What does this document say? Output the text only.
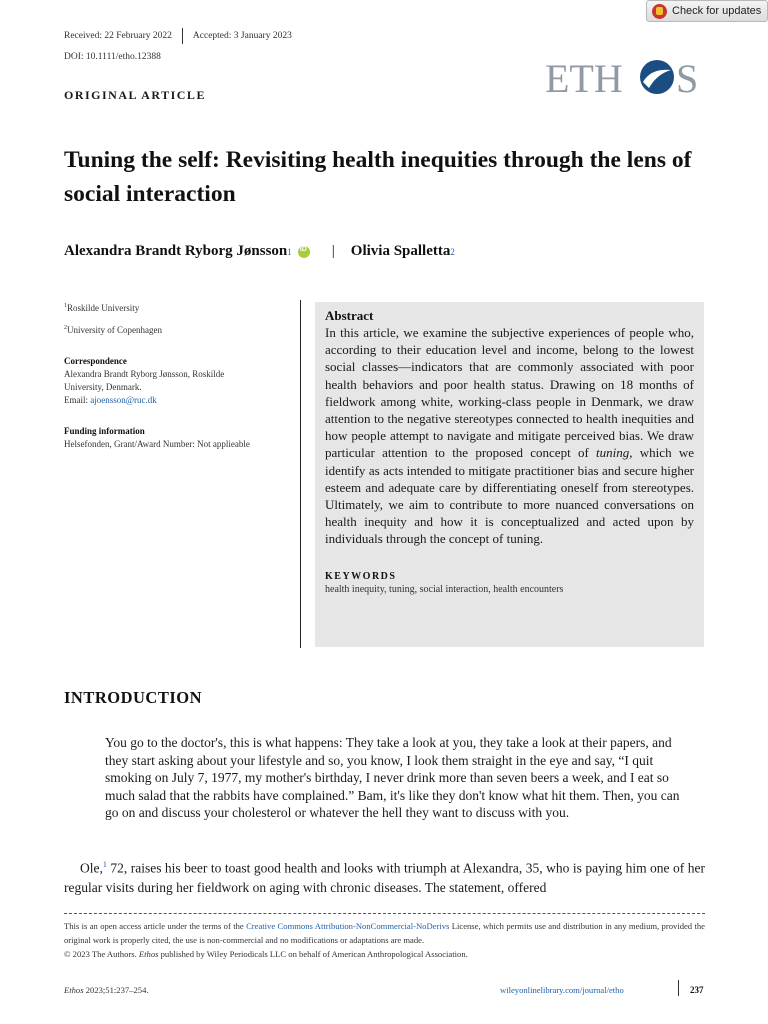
Check for updates
Received: 22 February 2022 Accepted: 3 January 2023
DOI: 10.1111/etho.12388
ORIGINAL ARTICLE	ETH S
Tuning the self: Revisiting health inequities through the lens of social interaction
Alexandra Brandt Ryborg Jønsson 1
iD	| Olivia Spalletta 2
$^1$Roskilde University
$^2$University of Copenhagen
Correspondence
Alexandra Brandt Ryborg Jønsson, Roskilde University, Denmark.
Email: ajoensson@ruc.dk
Funding information
Helsefonden, Grant/Award Number: Not applieable
Abstract

In this article, we examine the subjective experiences of people who, according to their education level and income, belong to the lowest social classes—indicators that are commonly associated with poor health behaviors and poor health status. Drawing on 18 months of fieldwork among white, working-class people in Denmark, we draw attention to the negative stereotypes connected to health inequities and how people attempt to navigate and mitigate perceived bias. We draw particular attention to the proposed concept of tuning, which we identify as acts intended to mitigate practitioner bias and secure higher esteem and adequate care by differentiating oneself from stereotypes. Ultimately, we aim to contribute to more nuanced conversations on health inequity and how it is conceptualized and acted upon by individuals through the concept of tuning.

KEYWORDS
health inequity, tuning, social interaction, health encounters
INTRODUCTION
You go to the doctor's, this is what happens: They take a look at you, they take a look at their papers, and they start asking about your lifestyle and so, you know, I look them straight in the eye and say, “I quit smoking on July 7, 1977, my mother's birthday, I never drink more than seven beers a week, and I eat so much salad that the rabbits have complained.” Bam, it's like they don't know what hit them. Then, you can go on and discuss your cholesterol or whatever the hell they want to discuss with you.

Ole,$^1$ 72, raises his beer to toast good health and looks with triumph at Alexandra, 35, who is paying him one of her regular visits during her fieldwork on aging with chronic diseases. The statement, offered

This is an open access article under the terms of the Creative Commons Attribution-NonCommercial-NoDerivs License, which permits use and distribution in any medium, provided the original work is properly cited, the use is non-commercial and no modifications or adaptations are made.
© 2023 The Authors. Ethos published by Wiley Periodicals LLC on behalf of American Anthropological Association.
Ethos 2023;51:237–254.	wileyonlinelibrary.com/journal/etho	237
